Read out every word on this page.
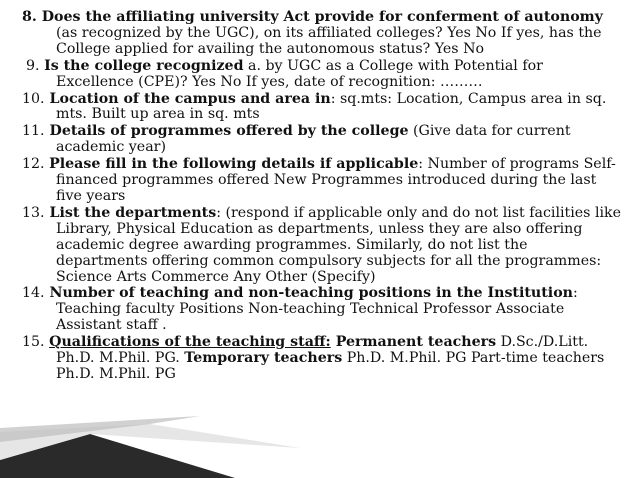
8. Does the affiliating university Act provide for conferment of autonomy (as recognized by the UGC), on its affiliated colleges? Yes No If yes, has the College applied for availing the autonomous status? Yes No
9. Is the college recognized a. by UGC as a College with Potential for Excellence (CPE)? Yes No If yes, date of recognition: ………
10. Location of the campus and area in: sq.mts: Location, Campus area in sq. mts. Built up area in sq. mts
11. Details of programmes offered by the college (Give data for current academic year)
12. Please fill in the following details if applicable: Number of programs Self-financed programmes offered New Programmes introduced during the last five years
13. List the departments: (respond if applicable only and do not list facilities like Library, Physical Education as departments, unless they are also offering academic degree awarding programmes. Similarly, do not list the departments offering common compulsory subjects for all the programmes: Science Arts Commerce Any Other (Specify)
14. Number of teaching and non-teaching positions in the Institution: Teaching faculty Positions Non-teaching Technical Professor Associate Assistant staff .
15. Qualifications of the teaching staff: Permanent teachers D.Sc./D.Litt. Ph.D. M.Phil. PG. Temporary teachers Ph.D. M.Phil. PG Part-time teachers Ph.D. M.Phil. PG
